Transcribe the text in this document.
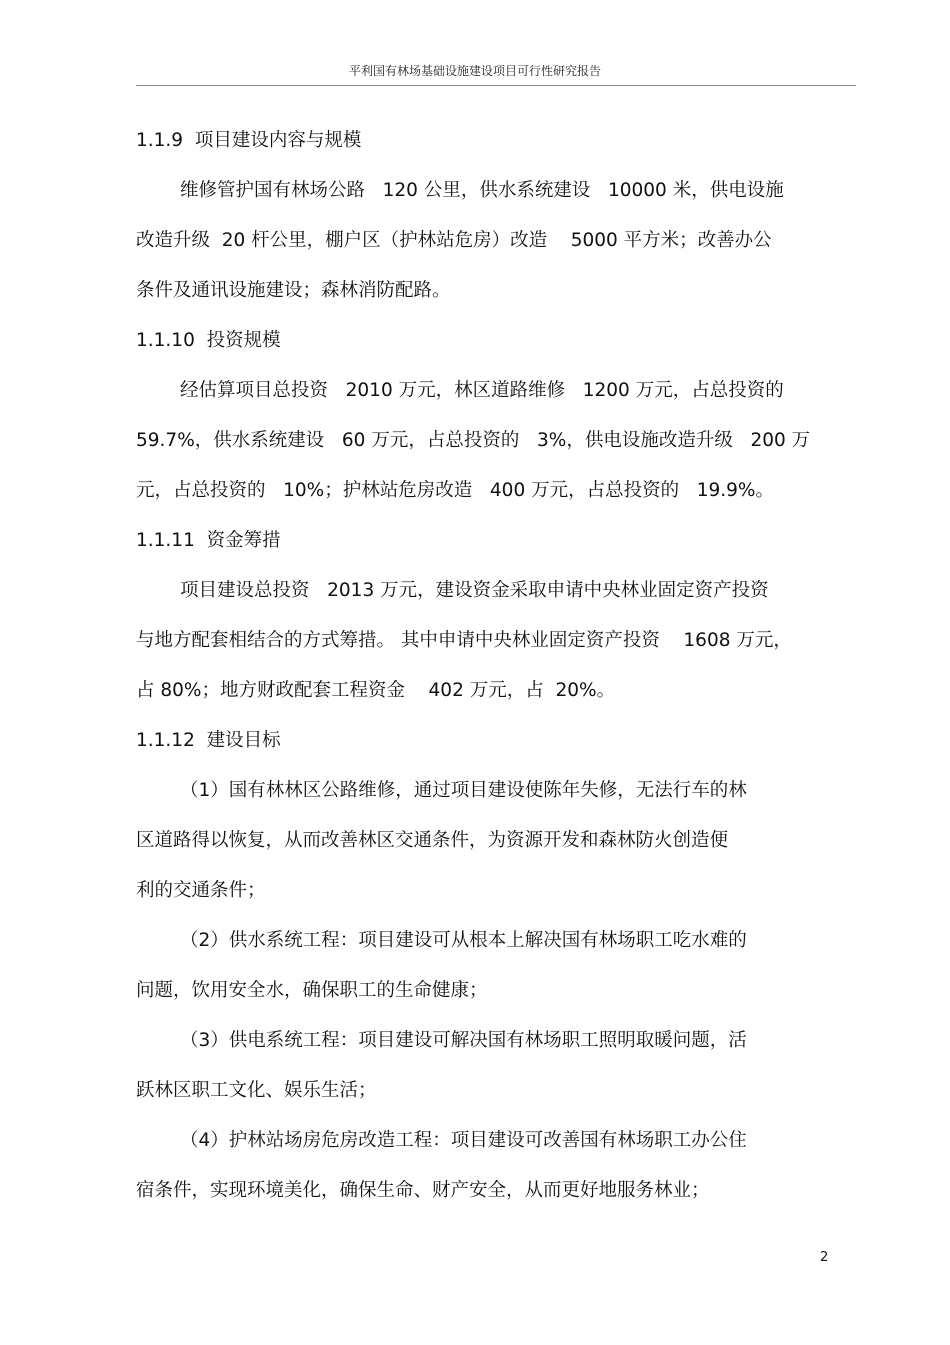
平利国有林场基础设施建设项目可行性研究报告
1.1.9  项目建设内容与规模
维修管护国有林场公路   120 公里，供水系统建设   10000 米，供电设施
改造升级  20 杆公里，棚户区（护林站危房）改造    5000 平方米；改善办公
条件及通讯设施建设；森林消防配路。
1.1.10  投资规模
经估算项目总投资   2010 万元，林区道路维修   1200 万元，占总投资的
59.7%，供水系统建设   60 万元，占总投资的   3%，供电设施改造升级   200 万
元，占总投资的   10%；护林站危房改造   400 万元，占总投资的   19.9%。
1.1.11  资金筹措
项目建设总投资   2013 万元，建设资金采取申请中央林业固定资产投资
与地方配套相结合的方式筹措。 其中申请中央林业固定资产投资    1608 万元，
占 80%；地方财政配套工程资金    402 万元，占  20%。
1.1.12  建设目标
（1）国有林林区公路维修，通过项目建设使陈年失修，无法行车的林
区道路得以恢复，从而改善林区交通条件，为资源开发和森林防火创造便
利的交通条件；
（2）供水系统工程：项目建设可从根本上解决国有林场职工吃水难的
问题，饮用安全水，确保职工的生命健康；
（3）供电系统工程：项目建设可解决国有林场职工照明取暖问题，活
跃林区职工文化、娱乐生活；
（4）护林站场房危房改造工程：项目建设可改善国有林场职工办公住
宿条件，实现环境美化，确保生命、财产安全，从而更好地服务林业；
2
